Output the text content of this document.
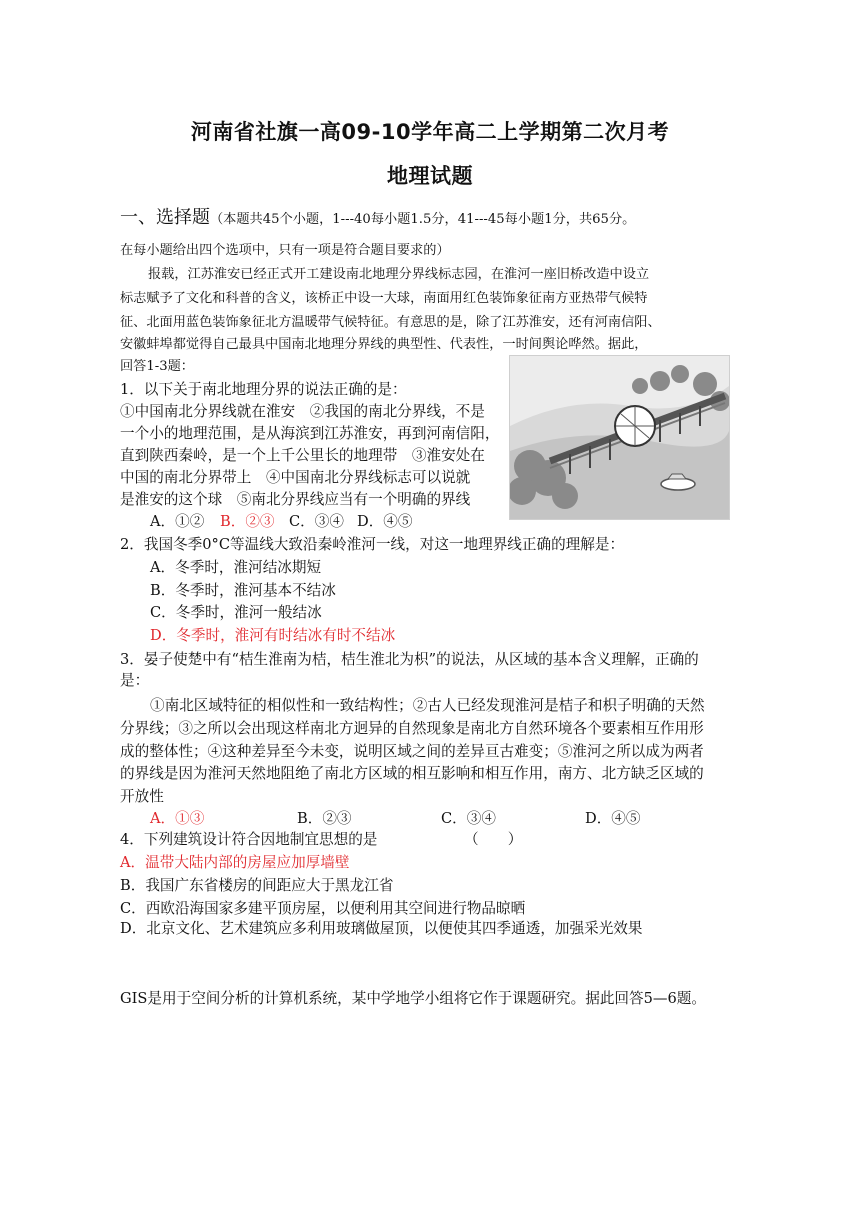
河南省社旗一高09-10学年高二上学期第二次月考
地理试题
一、选择题（本题共45个小题，1---40每小题1.5分，41---45每小题1分，共65分。
在每小题给出四个选项中，只有一项是符合题目要求的）
报载，江苏淮安已经正式开工建设南北地理分界线标志园，在淮河一座旧桥改造中设立
标志赋予了文化和科普的含义，该桥正中设一大球，南面用红色装饰象征南方亚热带气候特
征、北面用蓝色装饰象征北方温暖带气候特征。有意思的是，除了江苏淮安，还有河南信阳、
安徽蚌埠都觉得自己最具中国南北地理分界线的典型性、代表性，一时间舆论哗然。据此，
回答1-3题：
1．以下关于南北地理分界的说法正确的是：
①中国南北分界线就在淮安　②我国的南北分界线，不是
一个小的地理范围，是从海滨到江苏淮安，再到河南信阳，
直到陕西秦岭，是一个上千公里长的地理带　③淮安处在
中国的南北分界带上　④中国南北分界线标志可以说就
是淮安的这个球　⑤南北分界线应当有一个明确的界线
A．①② B．②③ C．③④ D．④⑤
2．我国冬季0°C等温线大致沿秦岭淮河一线，对这一地理界线正确的理解是：
A．冬季时，淮河结冰期短
B．冬季时，淮河基本不结冰
C．冬季时，淮河一般结冰
D．冬季时，淮河有时结冰有时不结冰
3．晏子使楚中有“桔生淮南为桔，桔生淮北为枳”的说法，从区域的基本含义理解，正确的
是：
①南北区域特征的相似性和一致结构性；②古人已经发现淮河是桔子和枳子明确的天然
分界线；③之所以会出现这样南北方迥异的自然现象是南北方自然环境各个要素相互作用形
成的整体性；④这种差异至今未变，说明区域之间的差异亘古难变；⑤淮河之所以成为两者
的界线是因为淮河天然地阻绝了南北方区域的相互影响和相互作用，南方、北方缺乏区域的
开放性
A．①③	B．②③	C．③④	D．④⑤
4．下列建筑设计符合因地制宜思想的是	（　　）
A．温带大陆内部的房屋应加厚墙壁
B．我国广东省楼房的间距应大于黑龙江省
C．西欧沿海国家多建平顶房屋，以便利用其空间进行物品晾晒
D．北京文化、艺术建筑应多利用玻璃做屋顶，以便使其四季通透，加强采光效果
GIS是用于空间分析的计算机系统，某中学地学小组将它作于课题研究。据此回答5—6题。
